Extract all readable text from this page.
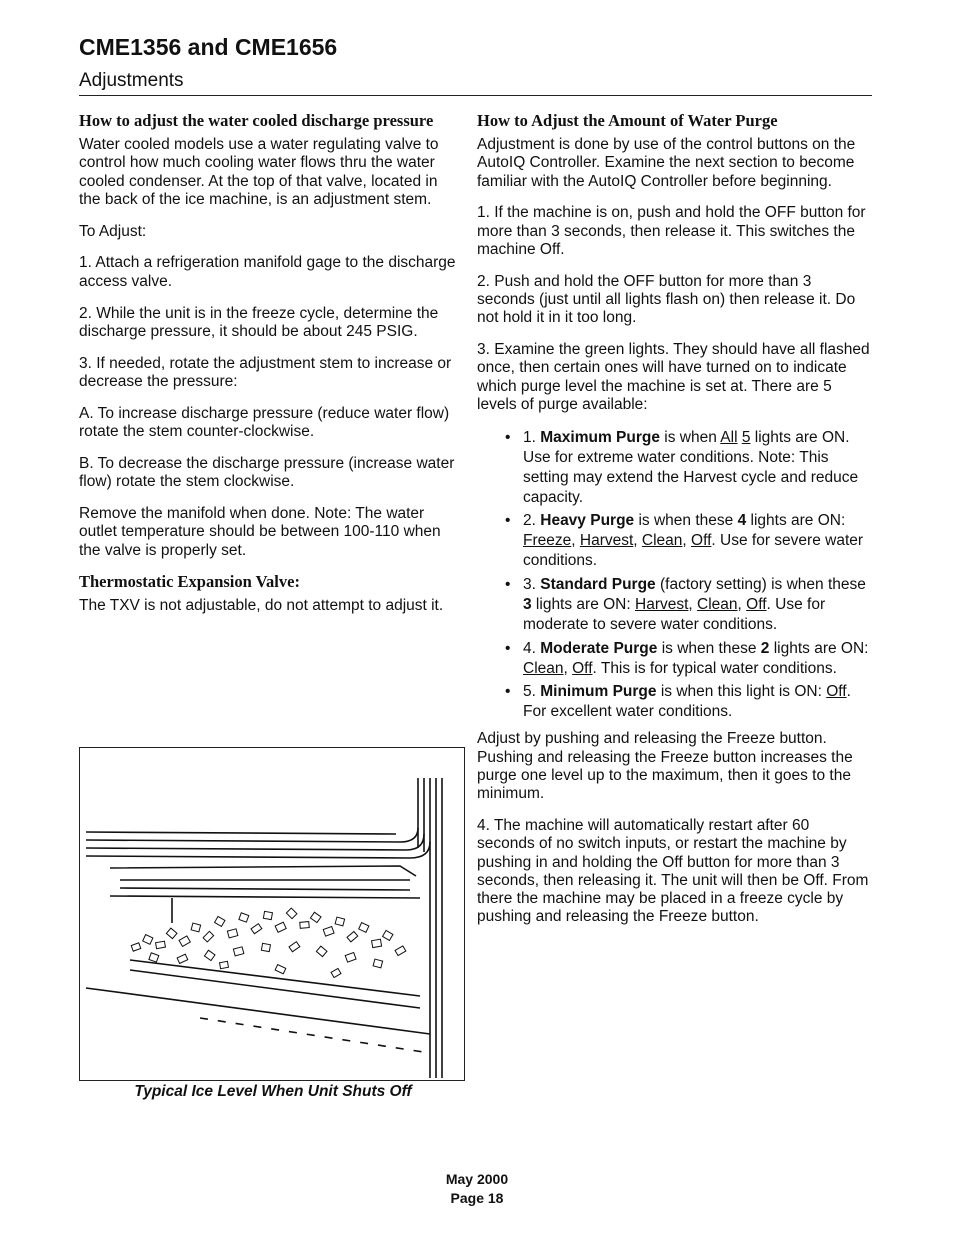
CME1356 and CME1656
Adjustments
How to adjust the water cooled discharge pressure

Water cooled models use a water regulating valve to control how much cooling water flows thru the water cooled condenser. At the top of that valve, located in the back of the ice machine, is an adjustment stem.

To Adjust:

1. Attach a refrigeration manifold gage to the discharge access valve.

2. While the unit is in the freeze cycle, determine the discharge pressure, it should be about 245 PSIG.

3. If needed, rotate the adjustment stem to increase or decrease the pressure:

A. To increase discharge pressure (reduce water flow) rotate the stem counter-clockwise.

B. To decrease the discharge pressure (increase water flow) rotate the stem clockwise.

Remove the manifold when done. Note: The water outlet temperature should be between 100-110 when the valve is properly set.

Thermostatic Expansion Valve:

The TXV is not adjustable, do not attempt to adjust it.

Typical Ice Level When Unit Shuts Off
How to Adjust the Amount of Water Purge

Adjustment is done by use of the control buttons on the AutoIQ Controller. Examine the next section to become familiar with the AutoIQ Controller before beginning.

1. If the machine is on, push and hold the OFF button for more than 3 seconds, then release it. This switches the machine Off.

2. Push and hold the OFF button for more than 3 seconds (just until all lights flash on) then release it. Do not hold it in it too long.

3. Examine the green lights. They should have all flashed once, then certain ones will have turned on to indicate which purge level the machine is set at. There are 5 levels of purge available:

• 1. Maximum Purge is when All 5 lights are ON. Use for extreme water conditions. Note: This setting may extend the Harvest cycle and reduce capacity.
• 2. Heavy Purge is when these 4 lights are ON: Freeze, Harvest, Clean, Off. Use for severe water conditions.
• 3. Standard Purge (factory setting) is when these 3 lights are ON: Harvest, Clean, Off. Use for moderate to severe water conditions.
• 4. Moderate Purge is when these 2 lights are ON: Clean, Off. This is for typical water conditions.
• 5. Minimum Purge is when this light is ON: Off. For excellent water conditions.

Adjust by pushing and releasing the Freeze button. Pushing and releasing the Freeze button increases the purge one level up to the maximum, then it goes to the minimum.

4. The machine will automatically restart after 60 seconds of no switch inputs, or restart the machine by pushing in and holding the Off button for more than 3 seconds, then releasing it. The unit will then be Off. From there the machine may be placed in a freeze cycle by pushing and releasing the Freeze button.

May 2000
Page 18
